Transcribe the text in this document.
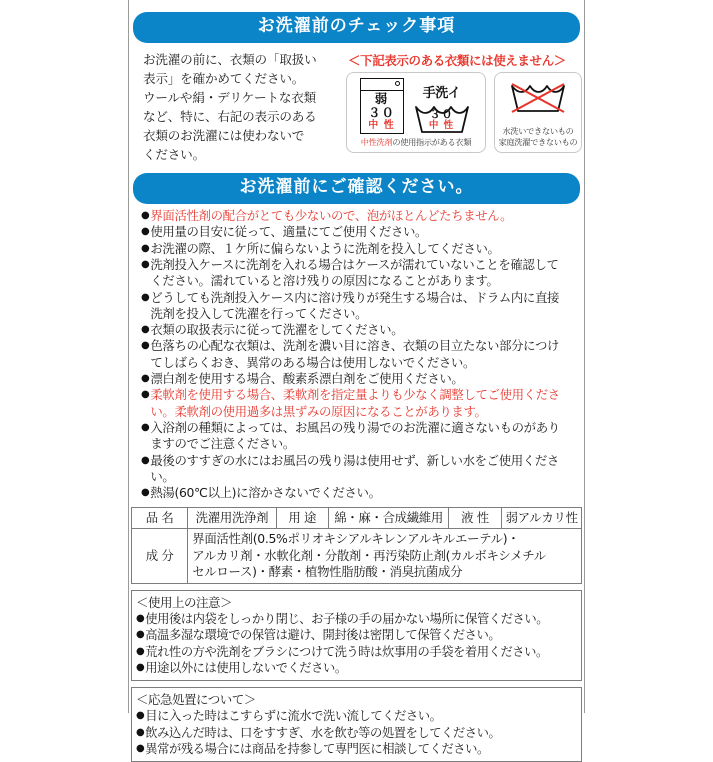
お洗濯前のチェック事項

お洗濯の前に、衣類の「取扱い

表示」を確かめてください。

ウールや絹・デリケートな衣類

など、特に、右記の表示のある

衣類のお洗濯には使わないで

ください。

＜下記表示のある衣類には使えません＞
弱
３０
中 性
手洗イ
３０
中 性
中性洗剤の使用指示がある衣類
水洗いできないもの
家庭洗濯できないもの
お洗濯前にご確認ください。
● 界面活性剤の配合がとても少ないので、泡がほとんどたちません。
● 使用量の目安に従って、適量にてご使用ください。
● お洗濯の際、１ケ所に偏らないように洗剤を投入してください。
● 洗剤投入ケースに洗剤を入れる場合はケースが濡れていないことを確認して
ください。濡れていると溶け残りの原因になることがあります。
● どうしても洗剤投入ケース内に溶け残りが発生する場合は、ドラム内に直接
洗剤を投入して洗濯を行ってください。
● 衣類の取扱表示に従って洗濯をしてください。
● 色落ちの心配な衣類は、洗剤を濃い目に溶き、衣類の目立たない部分につけ
てしばらくおき、異常のある場合は使用しないでください。
● 漂白剤を使用する場合、酸素系漂白剤をご使用ください。
● 柔軟剤を使用する場合、柔軟剤を指定量よりも少なく調整してご使用くださ
い。柔軟剤の使用過多は黒ずみの原因になることがあります。
● 入浴剤の種類によっては、お風呂の残り湯でのお洗濯に適さないものがあり
ますのでご注意ください。
● 最後のすすぎの水にはお風呂の残り湯は使用せず、新しい水をご使用ください。
● 熱湯(60℃以上)に溶かさないでください。
品 名	洗濯用洗浄剤	用 途	綿・麻・合成繊維用	液 性	弱アルカリ性
成 分	界面活性剤(0.5%ポリオキシアルキレンアルキルエーテル)・
アルカリ剤・水軟化剤・分散剤・再汚染防止剤(カルボキシメチル
セルロース)・酵素・植物性脂肪酸・消臭抗菌成分				
＜使用上の注意＞
● 使用後は内袋をしっかり閉じ、お子様の手の届かない場所に保管ください。
● 高温多湿な環境での保管は避け、開封後は密閉して保管ください。
● 荒れ性の方や洗剤をブラシにつけて洗う時は炊事用の手袋を着用ください。
● 用途以外には使用しないでください。
＜応急処置について＞
● 目に入った時はこすらずに流水で洗い流してください。
● 飲み込んだ時は、口をすすぎ、水を飲む等の処置をしてください。
● 異常が残る場合には商品を持参して専門医に相談してください。
